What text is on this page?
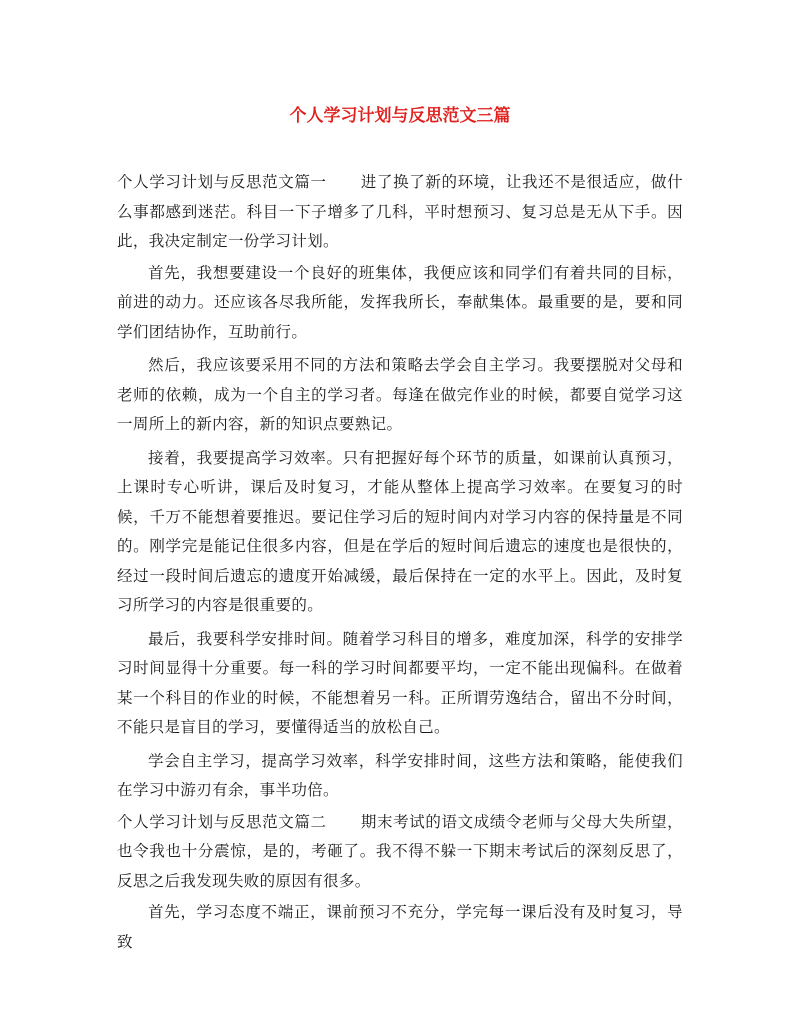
个人学习计划与反思范文三篇

个人学习计划与反思范文篇一 进了换了新的环境，让我还不是很适应，做什么事都感到迷茫。科目一下子增多了几科，平时想预习、复习总是无从下手。因此，我决定制定一份学习计划。

首先，我想要建设一个良好的班集体，我便应该和同学们有着共同的目标，前进的动力。还应该各尽我所能，发挥我所长，奉献集体。最重要的是，要和同学们团结协作，互助前行。

然后，我应该要采用不同的方法和策略去学会自主学习。我要摆脱对父母和老师的依赖，成为一个自主的学习者。每逢在做完作业的时候，都要自觉学习这一周所上的新内容，新的知识点要熟记。

接着，我要提高学习效率。只有把握好每个环节的质量，如课前认真预习，上课时专心听讲，课后及时复习，才能从整体上提高学习效率。在要复习的时候，千万不能想着要推迟。要记住学习后的短时间内对学习内容的保持量是不同的。刚学完是能记住很多内容，但是在学后的短时间后遗忘的速度也是很快的，经过一段时间后遗忘的遗度开始减缓，最后保持在一定的水平上。因此，及时复习所学习的内容是很重要的。

最后，我要科学安排时间。随着学习科目的增多，难度加深，科学的安排学习时间显得十分重要。每一科的学习时间都要平均，一定不能出现偏科。在做着某一个科目的作业的时候，不能想着另一科。正所谓劳逸结合，留出不分时间，不能只是盲目的学习，要懂得适当的放松自己。

学会自主学习，提高学习效率，科学安排时间，这些方法和策略，能使我们在学习中游刃有余，事半功倍。

个人学习计划与反思范文篇二 期末考试的语文成绩令老师与父母大失所望，也令我也十分震惊，是的，考砸了。我不得不躲一下期末考试后的深刻反思了，反思之后我发现失败的原因有很多。

首先，学习态度不端正，课前预习不充分，学完每一课后没有及时复习，导致
